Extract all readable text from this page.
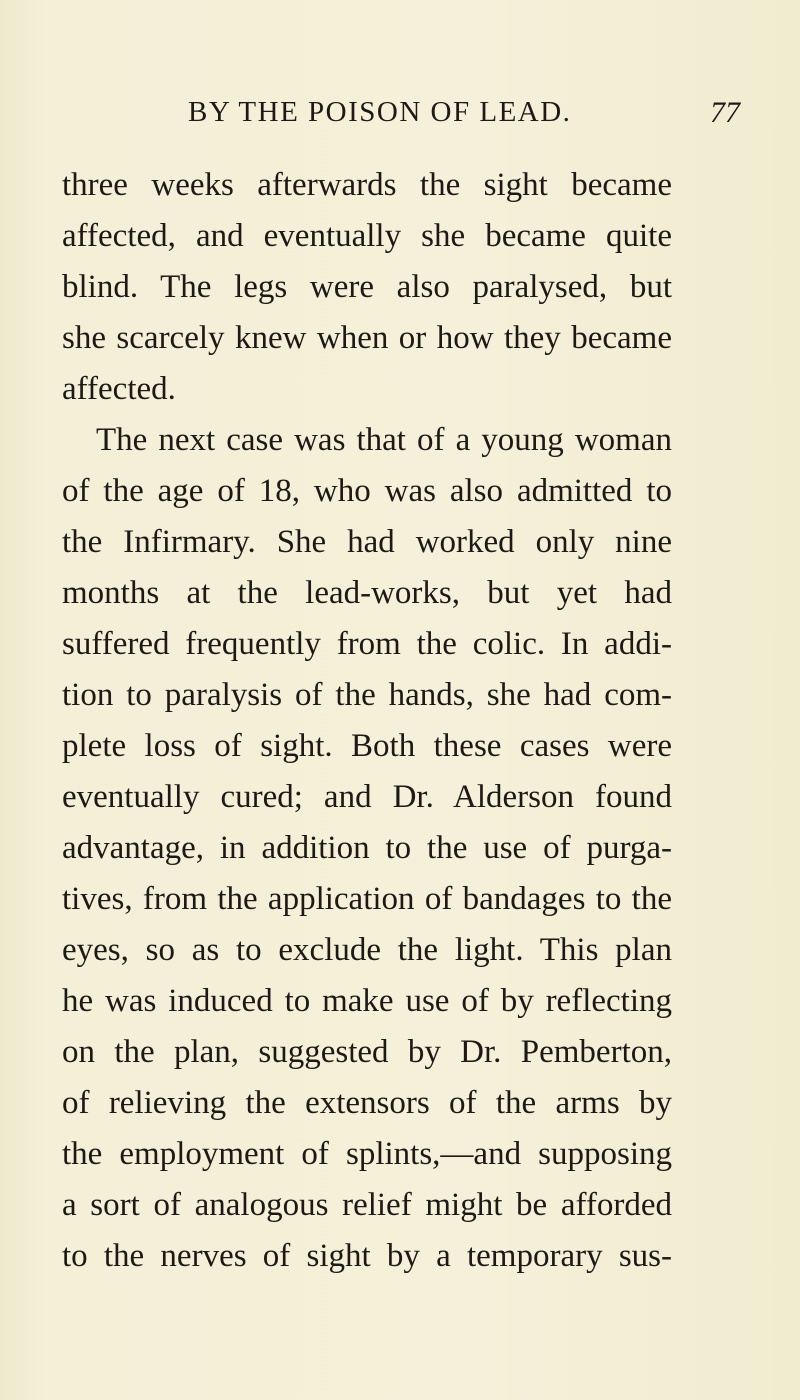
BY THE POISON OF LEAD.	77
three weeks afterwards the sight became
affected, and eventually she became quite
blind. The legs were also paralysed, but
she scarcely knew when or how they became
affected.
The next case was that of a young woman
of the age of 18, who was also admitted to
the Infirmary. She had worked only nine
months at the lead-works, but yet had
suffered frequently from the colic. In addi-
tion to paralysis of the hands, she had com-
plete loss of sight. Both these cases were
eventually cured; and Dr. Alderson found
advantage, in addition to the use of purga-
tives, from the application of bandages to the
eyes, so as to exclude the light. This plan
he was induced to make use of by reflecting
on the plan, suggested by Dr. Pemberton,
of relieving the extensors of the arms by
the employment of splints,—and supposing
a sort of analogous relief might be afforded
to the nerves of sight by a temporary sus-
